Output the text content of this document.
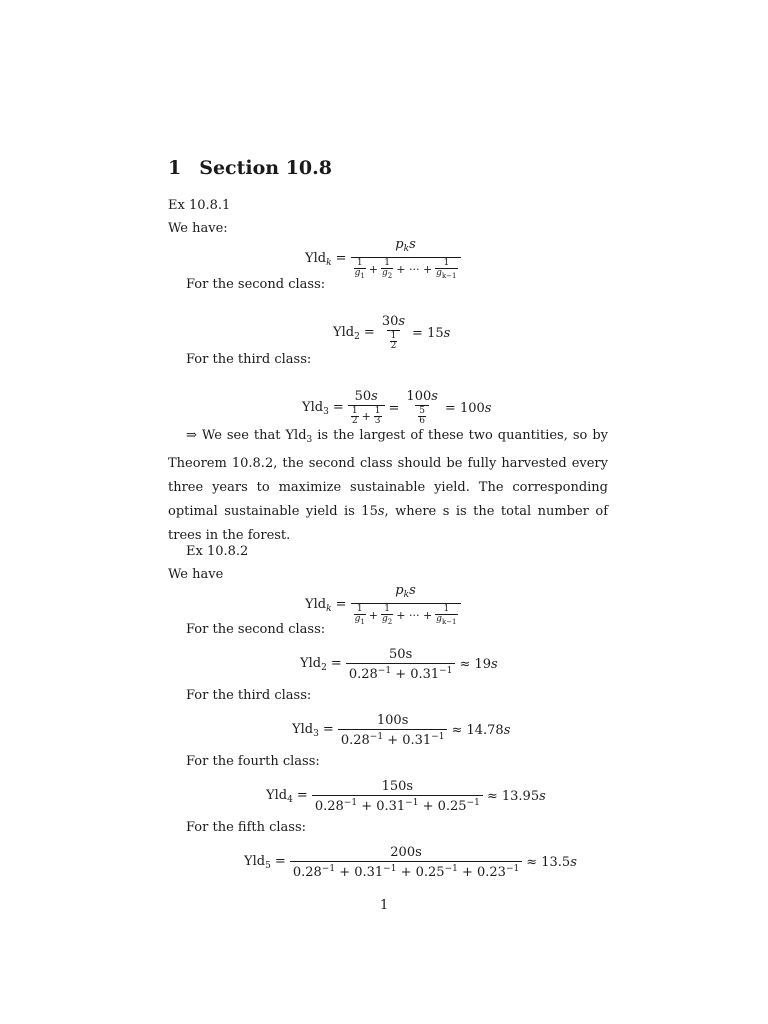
1 Section 10.8
Ex 10.8.1
We have:
$Yld_k = p_ks$
1
$g_1$ +
1
$g_2$ + ··· +
1
$g_{k-1}$
For the second class:
$Yld_2 = \frac{30s}{\frac{1}{2}} = 15s$
For the third class:
Yld$_3$ = 50s
1
2 + 1
$3 = \frac{100s}{\frac{5}{6}} = 100s$
⇒ We see that Yld$_3$ is the largest of these two quantities, so by Theorem 10.8.2, the second class should be fully harvested every three years to maximize sustainable yield. The corresponding optimal sustainable yield is 15s, where s is the total number of trees in the forest.
Ex 10.8.2
We have
$Yld_k = p_ks$
1
$g_1$ +
1
$g_2$ + ··· +
1
$g_{k-1}$
For the second class:
$Yld_2 = \frac{50s}{0.28^{-1} + 0.31^{-1}} \approx 19s$
For the third class:
$Yld_3 = \frac{100s}{0.28^{-1} + 0.31^{-1}} \approx 14.78s$
For the fourth class:
$Yld_4 = \frac{150s}{0.28^{-1} + 0.31^{-1} + 0.25^{-1}} \approx 13.95s$
For the fifth class:
$Yld_5 = \frac{200s}{0.28^{-1} + 0.31^{-1} + 0.25^{-1} + 0.23^{-1}} \approx 13.5s$
1
